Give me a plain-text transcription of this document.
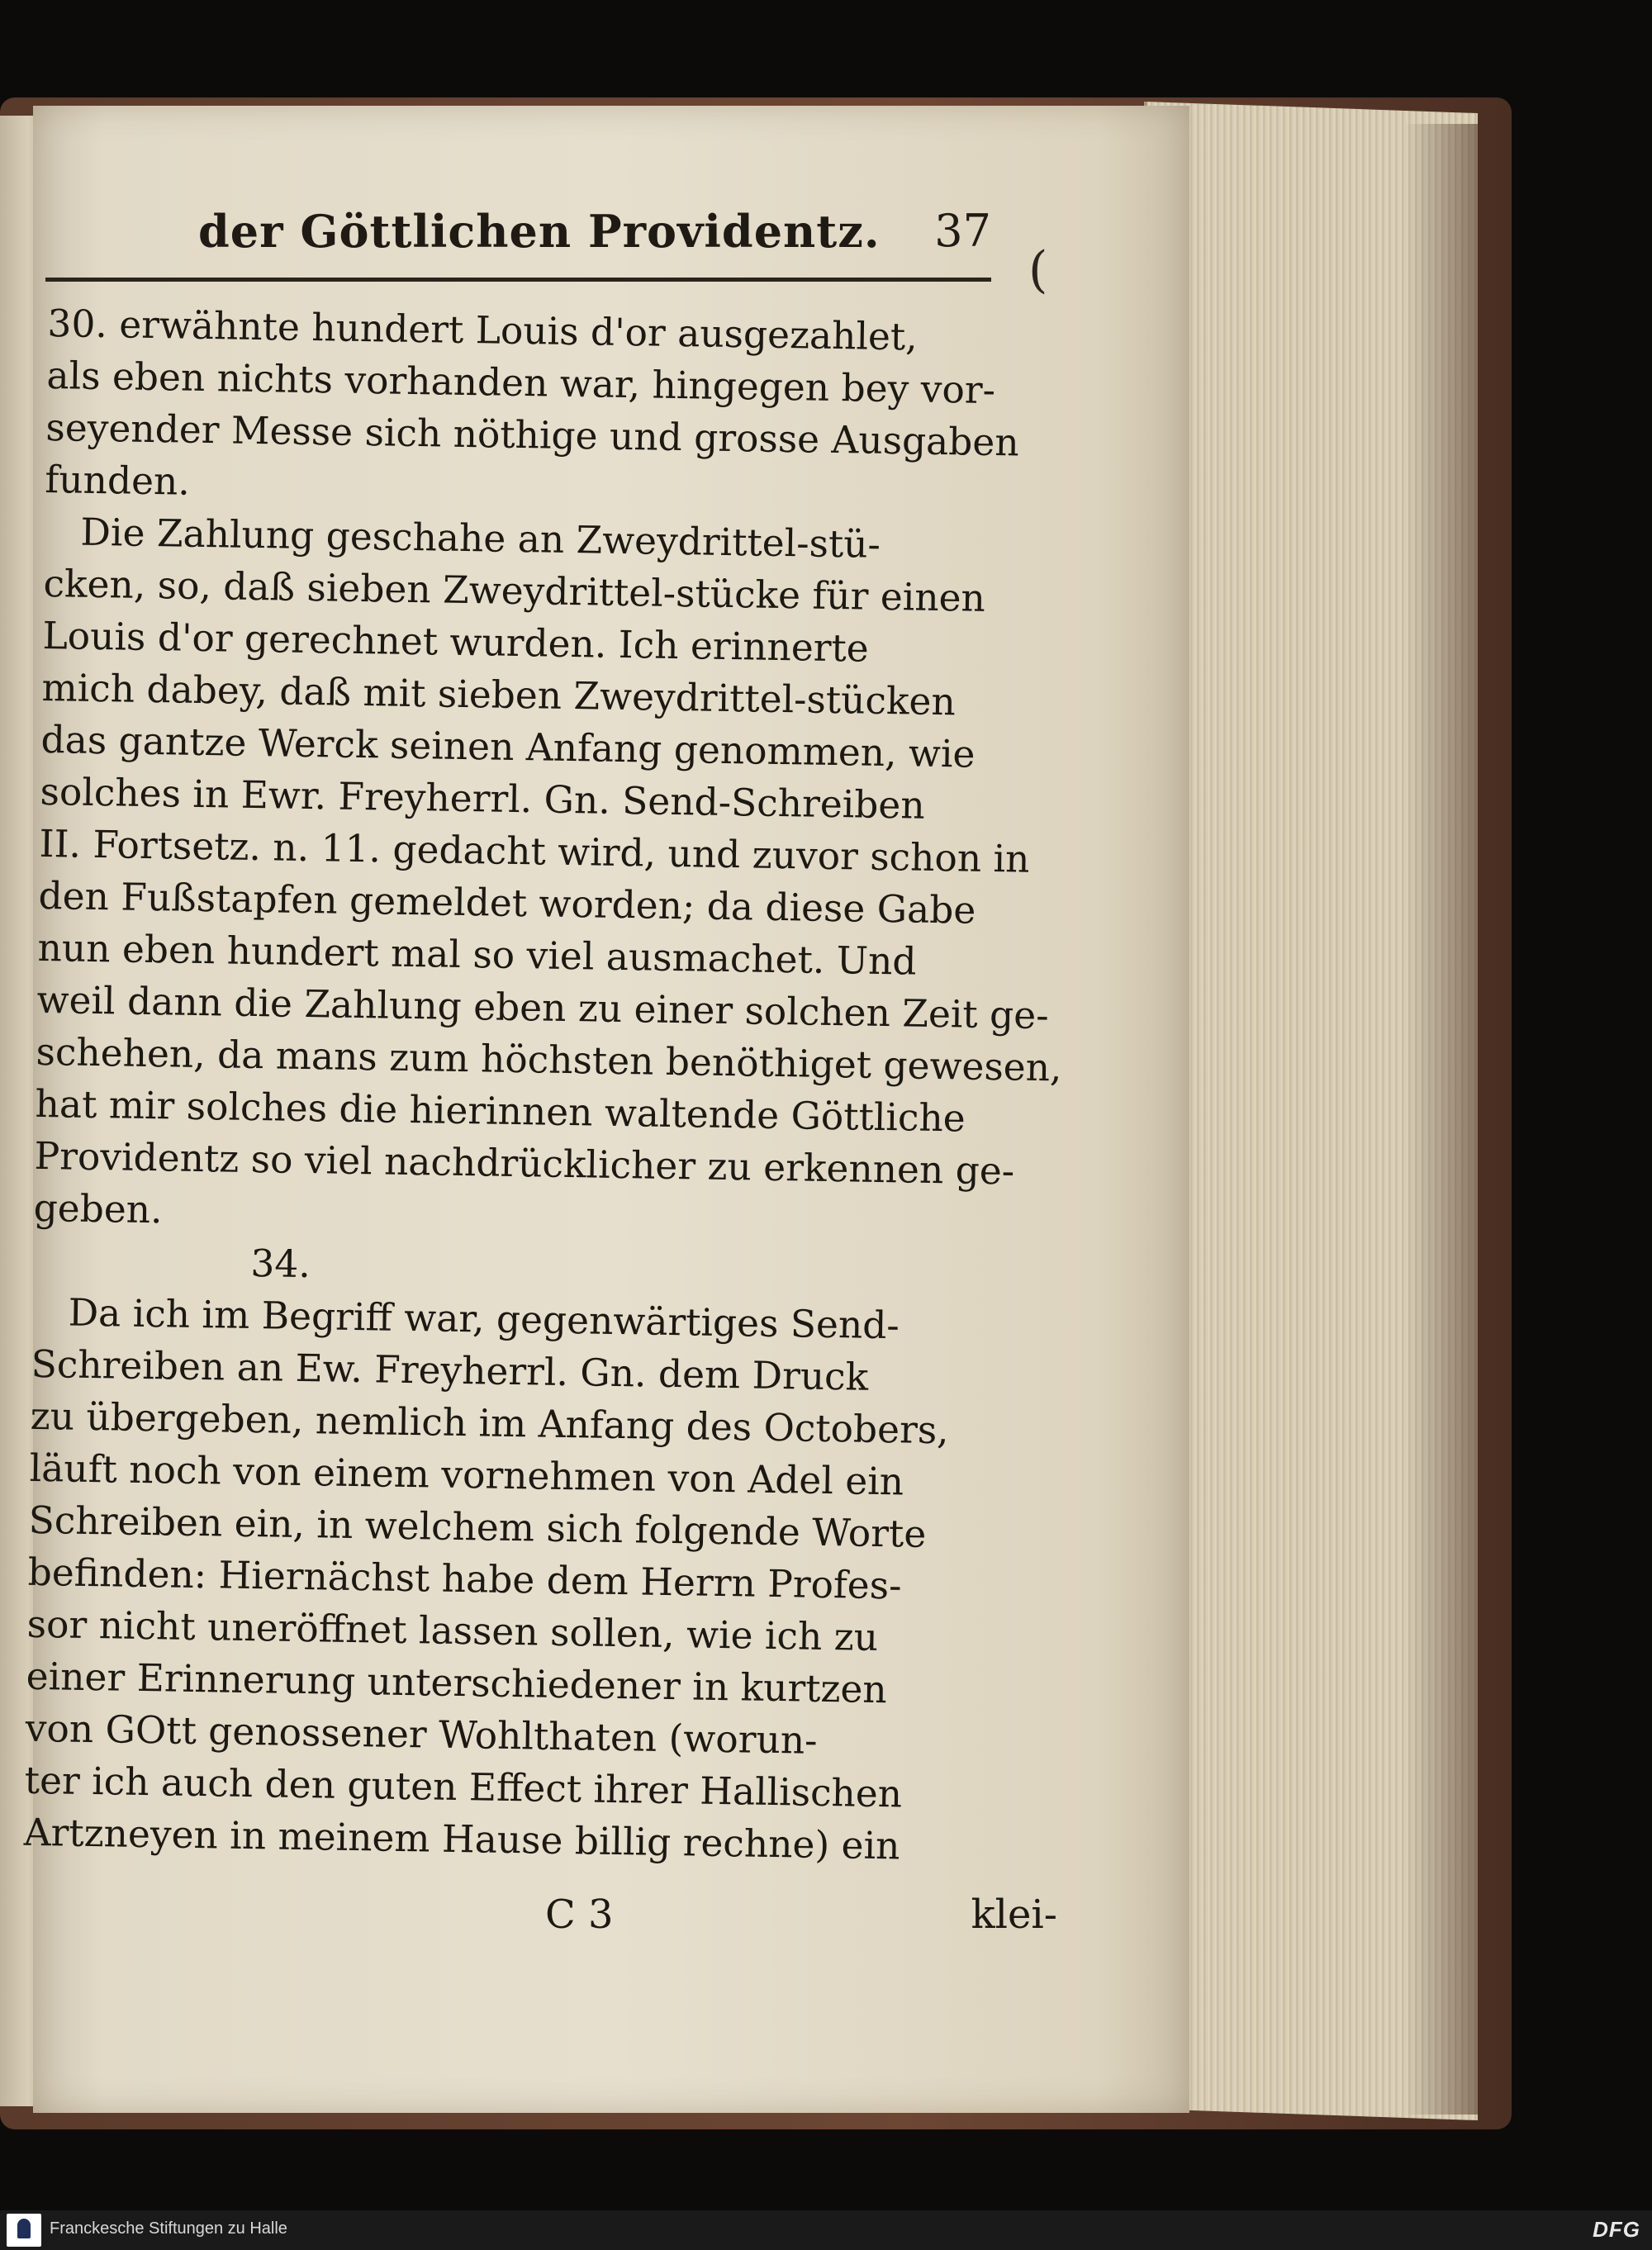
der Göttlichen Providentz. 37
(
30. erwähnte hundert Louis d'or ausgezahlet,
als eben nichts vorhanden war, hingegen bey vor-
seyender Messe sich nöthige und grosse Ausgaben
funden.
Die Zahlung geschahe an Zweydrittel-stü-
cken, so, daß sieben Zweydrittel-stücke für einen
Louis d'or gerechnet wurden. Ich erinnerte
mich dabey, daß mit sieben Zweydrittel-stücken
das gantze Werck seinen Anfang genommen, wie
solches in Ewr. Freyherrl. Gn. Send-Schreiben
II. Fortsetz. n. 11. gedacht wird, und zuvor schon in
den Fußstapfen gemeldet worden; da diese Gabe
nun eben hundert mal so viel ausmachet. Und
weil dann die Zahlung eben zu einer solchen Zeit ge-
schehen, da mans zum höchsten benöthiget gewesen,
hat mir solches die hierinnen waltende Göttliche
Providentz so viel nachdrücklicher zu erkennen ge-
geben.
34.
Da ich im Begriff war, gegenwärtiges Send-
Schreiben an Ew. Freyherrl. Gn. dem Druck
zu übergeben, nemlich im Anfang des Octobers,
läuft noch von einem vornehmen von Adel ein
Schreiben ein, in welchem sich folgende Worte
befinden: Hiernächst habe dem Herrn Profes-
sor nicht uneröffnet lassen sollen, wie ich zu
einer Erinnerung unterschiedener in kurtzen
von GOtt genossener Wohlthaten (worun-
ter ich auch den guten Effect ihrer Hallischen
Artzneyen in meinem Hause billig rechne) ein
C 3	klei-
Franckesche Stiftungen zu Halle	DFG
